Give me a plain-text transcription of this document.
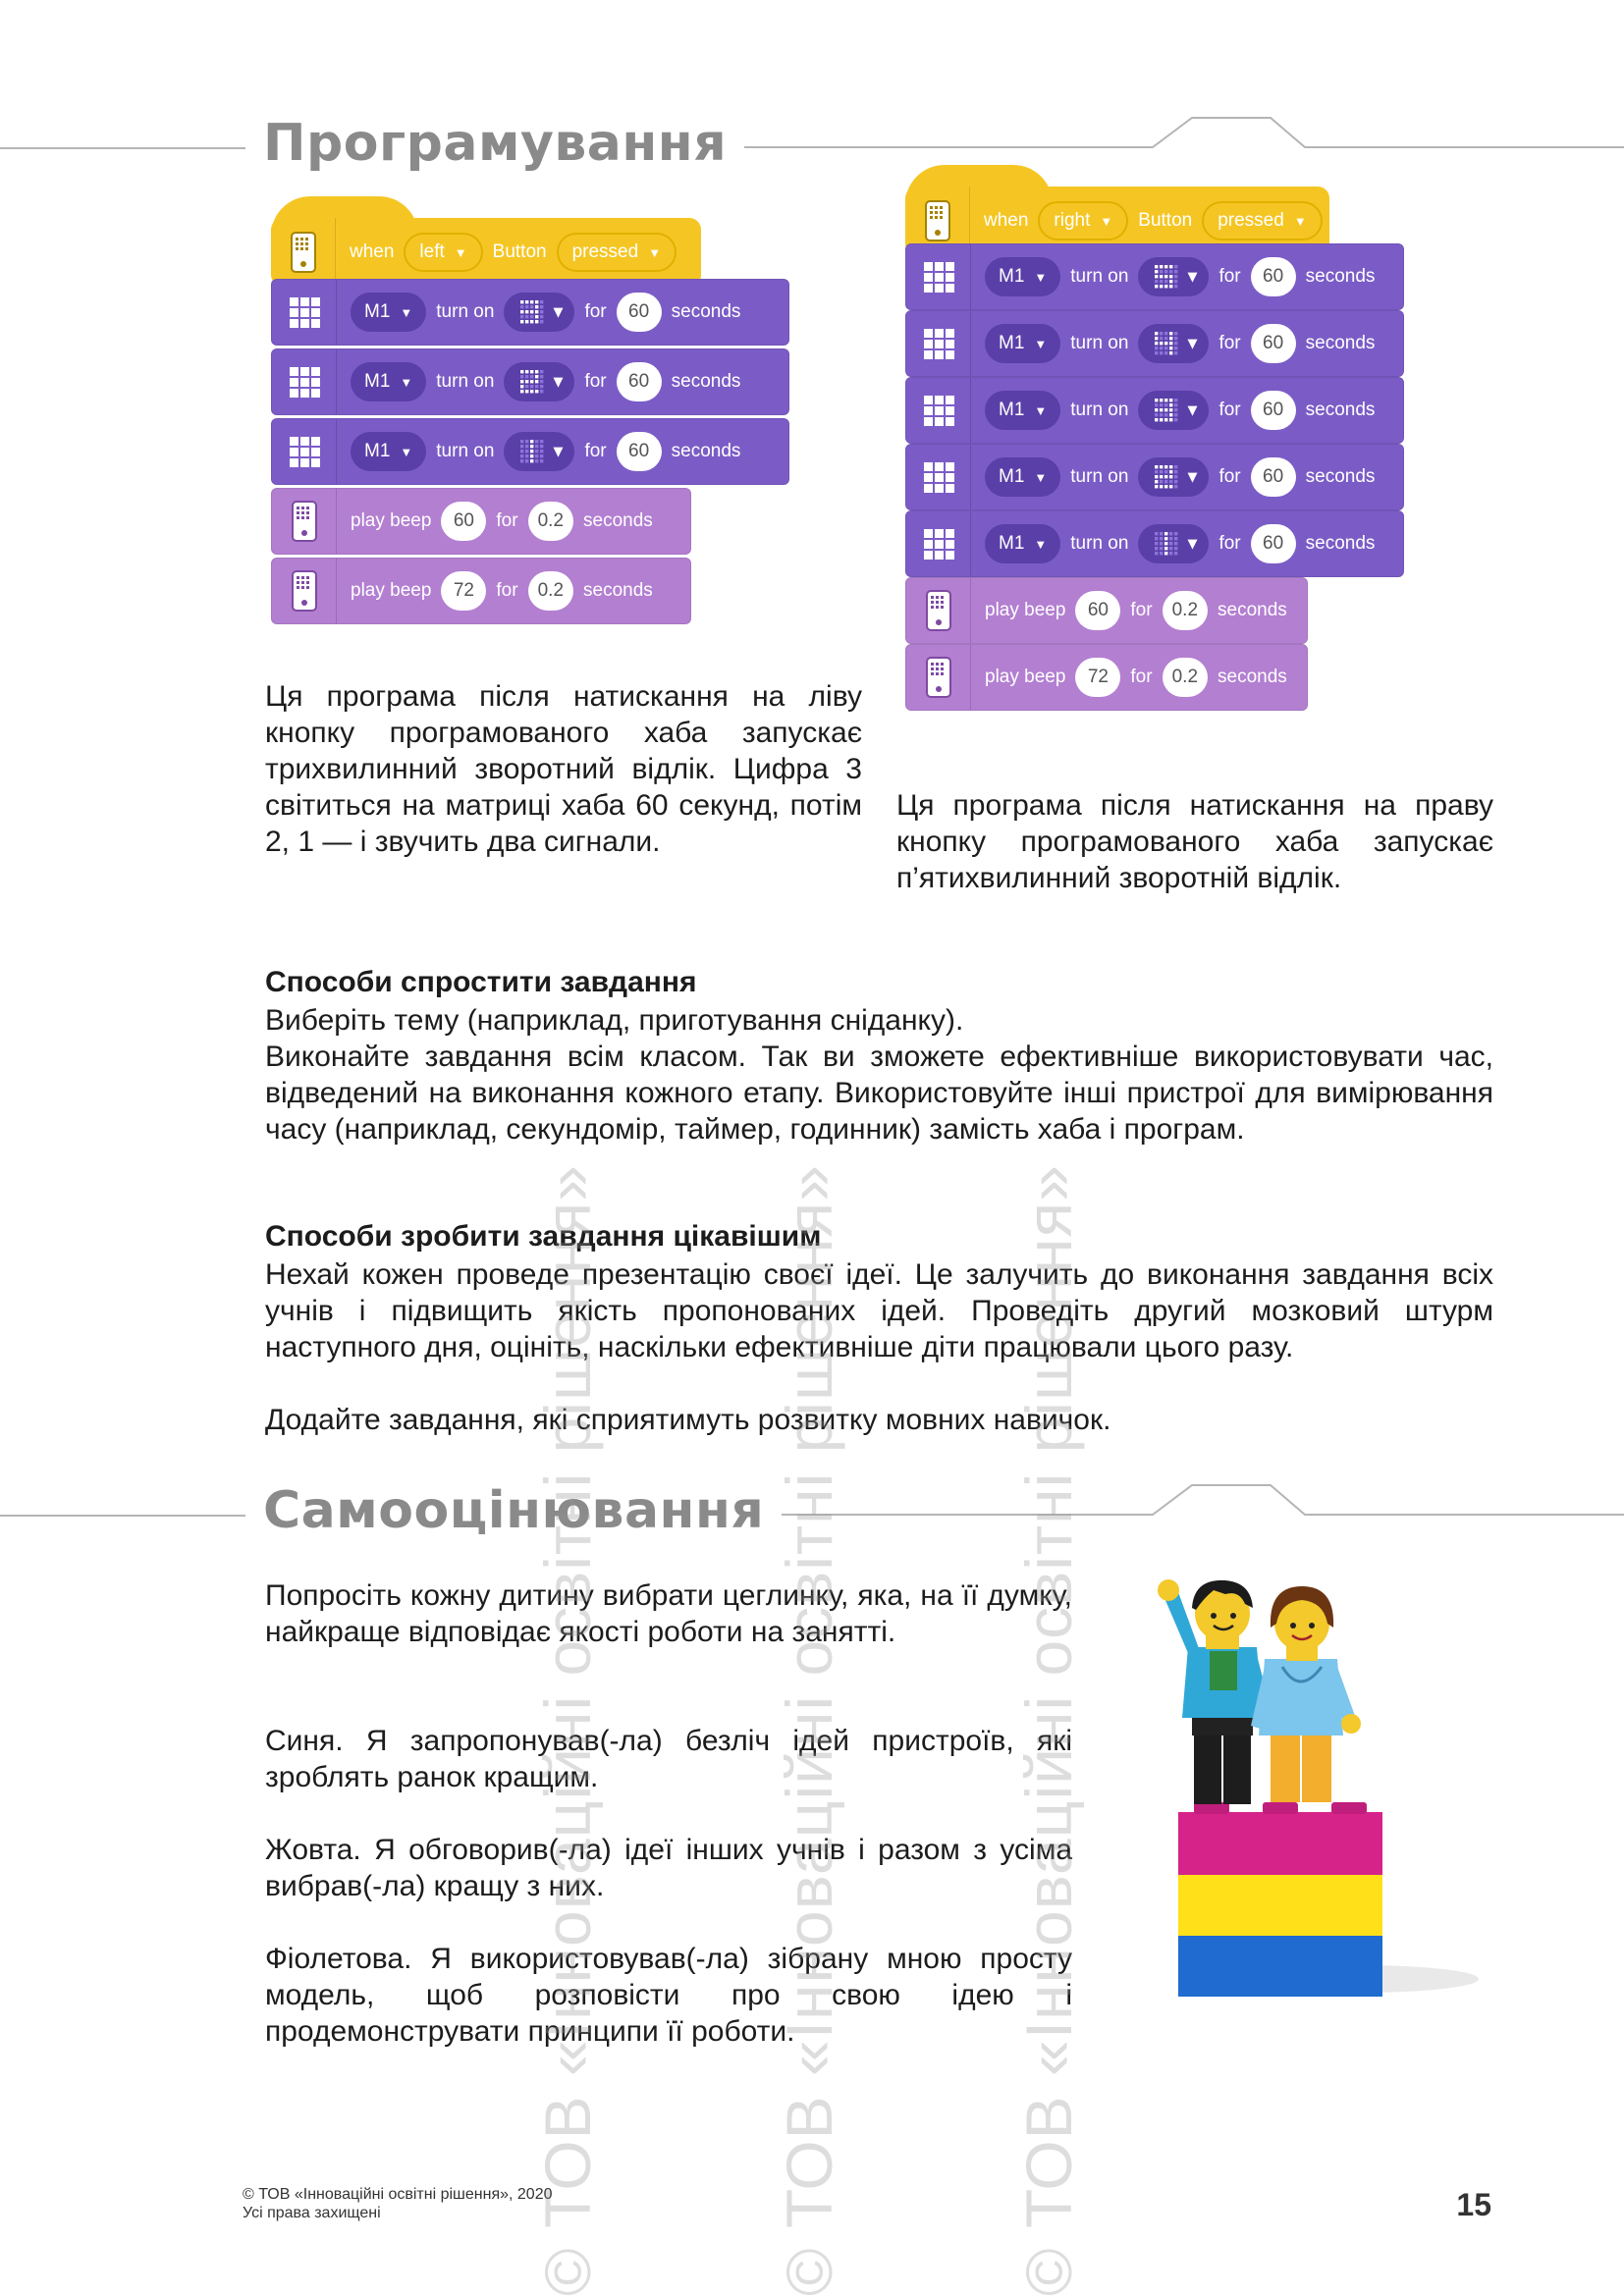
Програмування
when left ▼ Button pressed ▼
M1 ▼ turn on	▼ for	60	seconds
M1 ▼ turn on	▼ for	60	seconds
M1 ▼ turn on	▼ for	60	seconds
play beep	60	for	0.2	seconds
play beep	72	for	0.2	seconds
when right ▼ Button pressed ▼
M1 ▼ turn on	▼ for	60	seconds
M1 ▼ turn on	▼ for	60	seconds
M1 ▼ turn on	▼ for	60	seconds
M1 ▼ turn on	▼ for	60	seconds
M1 ▼ turn on	▼ for	60	seconds
play beep	60	for	0.2	seconds
play beep	72	for	0.2	seconds
Ця програма після натискання на ліву кнопку програмованого хаба запускає трихвилинний зворотний відлік. Цифра 3 світиться на матриці хаба 60 секунд, потім 2, 1 — і звучить два сигнали.
Ця програма після натискання на праву кнопку програмованого хаба запускає п’ятихвилинний зворотній відлік.
Способи спростити завдання
Виберіть тему (наприклад, приготування сніданку).
Виконайте завдання всім класом. Так ви зможете ефективніше використовувати час, відведений на виконання кожного етапу. Використовуйте інші пристрої для вимірювання часу (наприклад, секундомір, таймер, годинник) замість хаба і програм.
Способи зробити завдання цікавішим
Нехай кожен проведе презентацію своєї ідеї. Це залучить до виконання завдання всіх учнів і підвищить якість пропонованих ідей. Проведіть другий мозковий штурм наступного дня, оцініть, наскільки ефективніше діти працювали цього разу.
Додайте завдання, які сприятимуть розвитку мовних навичок.
Самооцінювання
Попросіть кожну дитину вибрати цеглинку, яка, на її думку, найкраще відповідає якості роботи на занятті.
Синя. Я запропонував(-ла) безліч ідей пристроїв, які зроблять ранок кращим.
Жовта. Я обговорив(-ла) ідеї інших учнів і разом з усіма вибрав(-ла) кращу з них.
Фіолетова. Я використовував(-ла) зібрану мною просту модель, щоб розповісти про свою ідею і продемонструвати принципи її роботи.
© ТОВ «Інноваційні освітні рішення», 2020
Усі права захищені	15
© ТОВ «Інноваційні освітні рішення»	© ТОВ «Інноваційні освітні рішення»	© ТОВ «Інноваційні освітні рішення»
